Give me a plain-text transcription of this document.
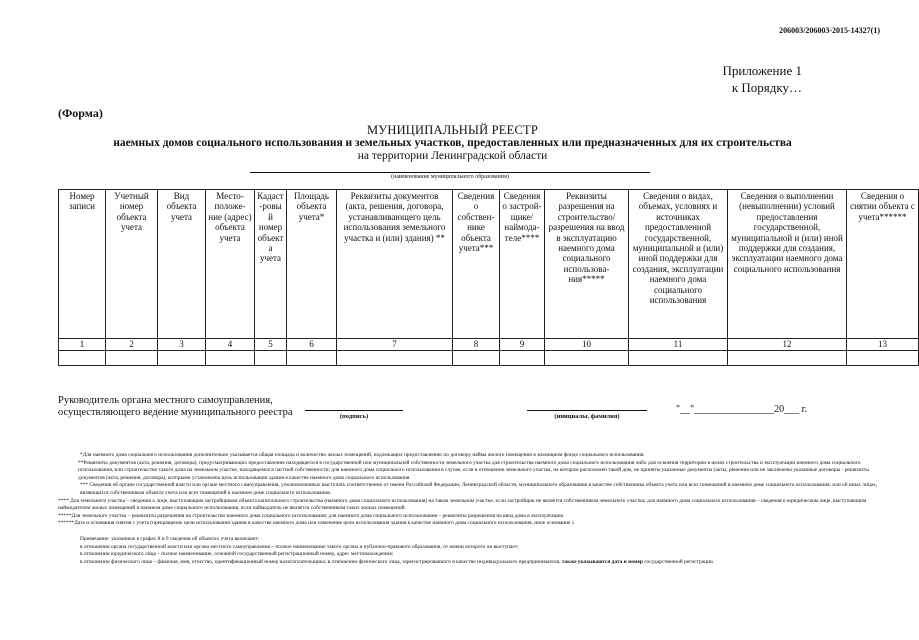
206003/206003-2015-14327(1)
Приложение 1
к Порядку…
(Форма)
МУНИЦИПАЛЬНЫЙ РЕЕСТР
наемных домов социального использования и земельных участков, предоставленных или предназначенных для их строительства
на территории Ленинградской области
(наименование муниципального образования)
Номер записи	Учетный номер объекта учета	Вид объекта учета	Место-положе-ние (адрес) объекта учета	Кадаст-ровый номер объекта учета	Площадь объекта учета*	Реквизиты документов (акта, решения, договора, устанавливающего цель использования земельного участка и (или) здания) **	Сведения о собствен-нике объекта учета***	Сведения о застрой-щике/ наймода-теле****	Реквизиты разрешения на строительство/ разрешения на ввод в эксплуатацию наемного дома социального использова-ния*****	Сведения о видах, объемах, условиях и источниках предоставленной государственной, муниципальной и (или) иной поддержки для создания, эксплуатации наемного дома социального использования	Сведения о выполнении (невыполнении) условий предоставления государственной, муниципальной и (или) иной поддержки для создания, эксплуатации наемного дома социального использования	Сведения о снятии объекта с учета******
1	2	3	4	5	6	7	8	9	10	11	12	13

Руководитель органа местного самоуправления,
осуществляющего ведение муниципального реестра	(подпись)	(инициалы, фамилия)
"__"________________20___ г.

*Для наемного дома социального использования дополнительно указывается общая площадь и количество жилых помещений, подлежащих предоставлению по договору найма жилого помещения в жилищном фонде социального использования.

**Реквизиты документов (акта, решения, договора), предусматривающих предоставление находящегося в государственной или муниципальной собственности земельного участка для строительства наемного дома социального использования либо для освоения территории в целях строительства и эксплуатации наемного дома социального использования, или строительство такого дома на земельном участке, находящемся в частной собственности; для наемного дома социального использования в случае, если в отношении земельного участка, на котором расположен такой дом, не приняты указанные документы (акты, решения или не заключены указанные договоры - реквизиты документов (акта, решения, договора), которыми установлена цель использования здания в качестве наемного дома социального использования.

*** Сведения об органе государственной власти или органе местного самоуправления, уполномоченных выступать соответственно от имени Российской Федерации, Ленинградской области, муниципального образования в качестве собственника объекта учета или всех помещений в наемном доме социального использования, или об иных лицах, являющихся собственником объекта учета или всех помещений в наемном доме социального использования.

**** Для земельного участка – сведения о лице, выступающим застройщиком объекта капитального строительства (наемного дома социального использования) на таком земельном участке, если застройщик не является собственником земельного участка; для наемного дома социального использования – сведения о юридическом лице, выступающим наймодателем жилых помещений в наемном доме социального использования, если наймодатель не является собственником таких жилых помещений.

*****Для земельного участка – реквизиты разрешения на строительство наемного дома социального использования; для наемного дома социального использования – реквизиты разрешения на ввод дома в эксплуатацию.

******Дата и основания снятия с учета (прекращение цели использования здания в качестве наемного дома или изменение цели использования здания в качестве наемного дома социального использования, иное основание ).

Примечание: указанные в графах 8 и 9 сведения об объектах учета включают:

в отношении органа государственной власти или органа местного самоуправления – полное наименование такого органа и публично-правового образования, от имени которого он выступает;

в отношении юридического лица – полное наименование, основной государственный регистрационный номер, адрес местонахождения;

в отношении физического лица – фамилия, имя, отчество, идентификационный номер налогоплательщика; в отношении физического лица, зарегистрированного в качестве индивидуального предпринимателя, также указываются дата и номер государственной регистрации.
